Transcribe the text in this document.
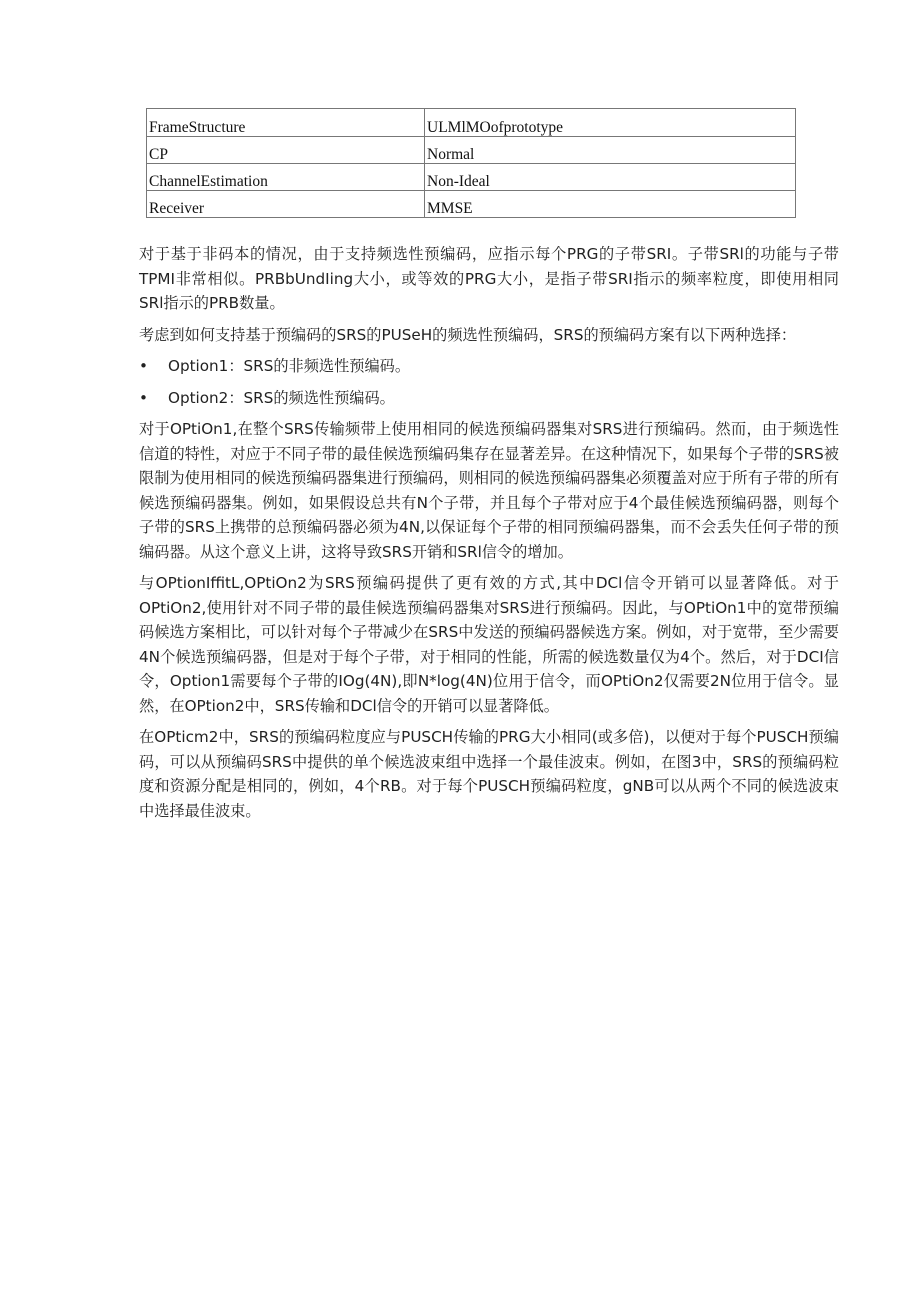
FrameStructure	ULMlMOofprototype
CP	Normal
ChannelEstimation	Non-Ideal
Receiver	MMSE

对于基于非码本的情况，由于支持频选性预编码，应指示每个PRG的子带SRI。子带SRl的功能与子带TPMI非常相似。PRBbUndIing大小，或等效的PRG大小，是指子带SRI指示的频率粒度，即使用相同SRl指示的PRB数量。

考虑到如何支持基于预编码的SRS的PUSeH的频选性预编码，SRS的预编码方案有以下两种选择：

•	Option1：SRS的非频选性预编码。
•	Option2：SRS的频选性预编码。

对于OPtiOn1,在整个SRS传输频带上使用相同的候选预编码器集对SRS进行预编码。然而，由于频选性信道的特性，对应于不同子带的最佳候选预编码集存在显著差异。在这种情况下，如果每个子带的SRS被限制为使用相同的候选预编码器集进行预编码，则相同的候选预编码器集必须覆盖对应于所有子带的所有候选预编码器集。例如，如果假设总共有N个子带，并且每个子带对应于4个最佳候选预编码器，则每个子带的SRS上携带的总预编码器必须为4N,以保证每个子带的相同预编码器集，而不会丢失任何子带的预编码器。从这个意义上讲，这将导致SRS开销和SRl信令的增加。

与OPtionIffitL,OPtiOn2为SRS预编码提供了更有效的方式,其中DCl信令开销可以显著降低。对于OPtiOn2,使用针对不同子带的最佳候选预编码器集对SRS进行预编码。因此，与OPtiOn1中的宽带预编码候选方案相比，可以针对每个子带减少在SRS中发送的预编码器候选方案。例如，对于宽带，至少需要4N个候选预编码器，但是对于每个子带，对于相同的性能，所需的候选数量仅为4个。然后，对于DCI信令，Option1需要每个子带的IOg(4N),即N*log(4N)位用于信令，而OPtiOn2仅需要2N位用于信令。显然，在OPtion2中，SRS传输和DCl信令的开销可以显著降低。

在OPticm2中，SRS的预编码粒度应与PUSCH传输的PRG大小相同(或多倍)，以便对于每个PUSCH预编码，可以从预编码SRS中提供的单个候选波束组中选择一个最佳波束。例如，在图3中，SRS的预编码粒度和资源分配是相同的，例如，4个RB。对于每个PUSCH预编码粒度，gNB可以从两个不同的候选波束中选择最佳波束。
